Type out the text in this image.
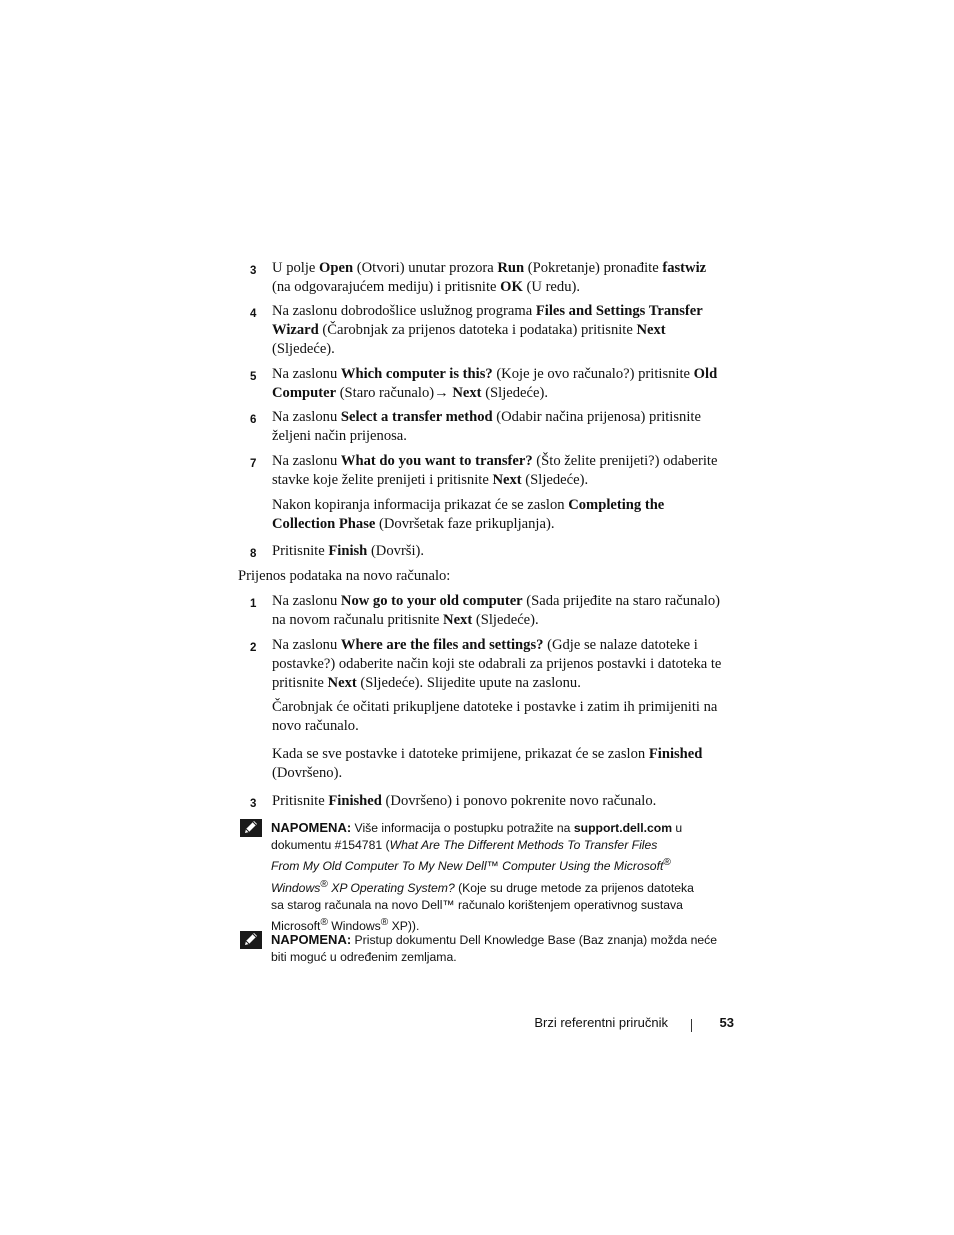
3	U polje Open (Otvori) unutar prozora Run (Pokretanje) pronađite fastwiz
(na odgovarajućem mediju) i pritisnite OK (U redu).
4	Na zaslonu dobrodošlice uslužnog programa Files and Settings Transfer
Wizard (Čarobnjak za prijenos datoteka i podataka) pritisnite Next
(Sljedeće).
5	Na zaslonu Which computer is this? (Koje je ovo računalo?) pritisnite Old
Computer (Staro računalo)→ Next (Sljedeće).
6	Na zaslonu Select a transfer method (Odabir načina prijenosa) pritisnite
željeni način prijenosa.
7	Na zaslonu What do you want to transfer? (Što želite prenijeti?) odaberite
stavke koje želite prenijeti i pritisnite Next (Sljedeće).
Nakon kopiranja informacija prikazat će se zaslon Completing the
Collection Phase (Dovršetak faze prikupljanja).
8	Pritisnite Finish (Dovrši).
Prijenos podataka na novo računalo:
1	Na zaslonu Now go to your old computer (Sada prijeđite na staro računalo)
na novom računalu pritisnite Next (Sljedeće).
2	Na zaslonu Where are the files and settings? (Gdje se nalaze datoteke i
postavke?) odaberite način koji ste odabrali za prijenos postavki i datoteka te
pritisnite Next (Sljedeće). Slijedite upute na zaslonu.
Čarobnjak će očitati prikupljene datoteke i postavke i zatim ih primijeniti na
novo računalo.
Kada se sve postavke i datoteke primijene, prikazat će se zaslon Finished
(Dovršeno).
3	Pritisnite Finished (Dovršeno) i ponovo pokrenite novo računalo.
NAPOMENA: Više informacija o postupku potražite na support.dell.com u
dokumentu #154781 (What Are The Different Methods To Transfer Files
From My Old Computer To My New Dell™ Computer Using the Microsoft®
Windows® XP Operating System? (Koje su druge metode za prijenos datoteka
sa starog računala na novo Dell™ računalo korištenjem operativnog sustava
Microsoft® Windows® XP)).
NAPOMENA: Pristup dokumentu Dell Knowledge Base (Baz znanja) možda neće
biti moguć u određenim zemljama.
Brzi referentni priručnik	53
